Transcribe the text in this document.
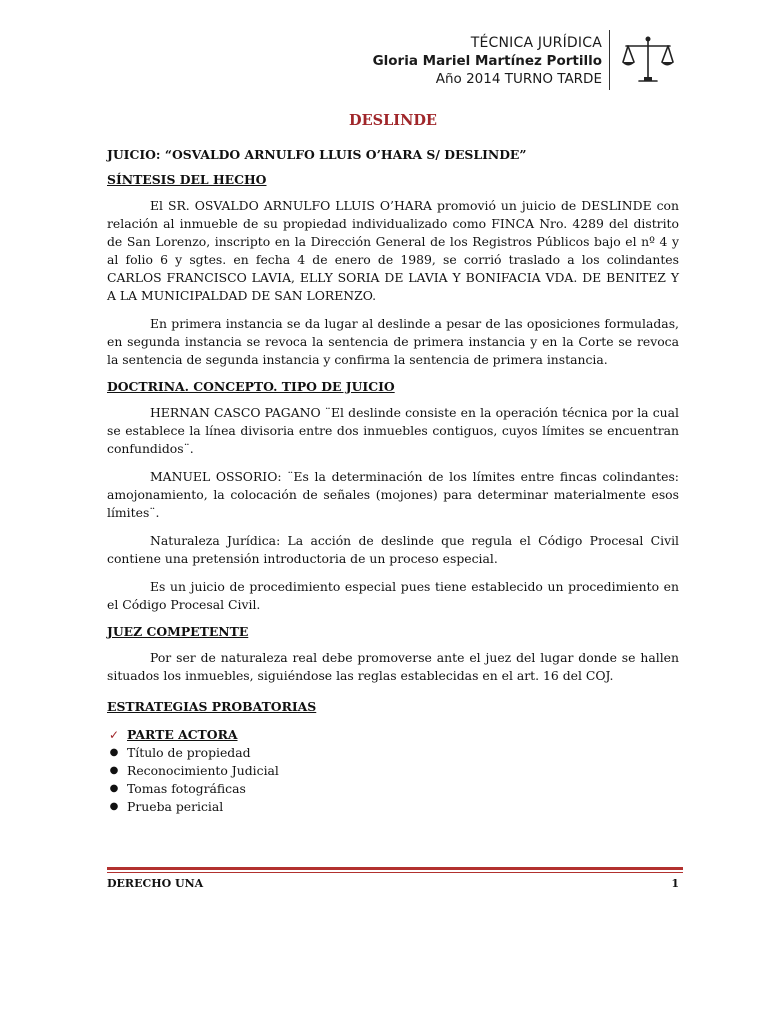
TÉCNICA JURÍDICA
Gloria Mariel Martínez Portillo
Año 2014 TURNO TARDE
DESLINDE
JUICIO: “OSVALDO ARNULFO LLUIS O’HARA S/ DESLINDE”
SÍNTESIS DEL HECHO

El SR. OSVALDO ARNULFO LLUIS O’HARA promovió un juicio de DESLINDE con relación al inmueble de su propiedad individualizado como FINCA Nro. 4289 del distrito de San Lorenzo, inscripto en la Dirección General de los Registros Públicos bajo el nº 4 y al folio 6 y sgtes. en fecha 4 de enero de 1989, se corrió traslado a los colindantes CARLOS FRANCISCO LAVIA, ELLY SORIA DE LAVIA Y BONIFACIA VDA. DE BENITEZ Y A LA MUNICIPALDAD DE SAN LORENZO.

En primera instancia se da lugar al deslinde a pesar de las oposiciones formuladas, en segunda instancia se revoca la sentencia de primera instancia y en la Corte se revoca la sentencia de segunda instancia y confirma la sentencia de primera instancia.

DOCTRINA. CONCEPTO. TIPO DE JUICIO

HERNAN CASCO PAGANO ¨El deslinde consiste en la operación técnica por la cual se establece la línea divisoria entre dos inmuebles contiguos, cuyos límites se encuentran confundidos¨.

MANUEL OSSORIO: ¨Es la determinación de los límites entre fincas colindantes: amojonamiento, la colocación de señales (mojones) para determinar materialmente esos límites¨.

Naturaleza Jurídica: La acción de deslinde que regula el Código Procesal Civil contiene una pretensión introductoria de un proceso especial.

Es un juicio de procedimiento especial pues tiene establecido un procedimiento en el Código Procesal Civil.

JUEZ COMPETENTE

Por ser de naturaleza real debe promoverse ante el juez del lugar donde se hallen situados los inmuebles, siguiéndose las reglas establecidas en el art. 16 del COJ.

ESTRATEGIAS PROBATORIAS
✓ PARTE ACTORA
● Título de propiedad
● Reconocimiento Judicial
● Tomas fotográficas
● Prueba pericial
DERECHO UNA	1
